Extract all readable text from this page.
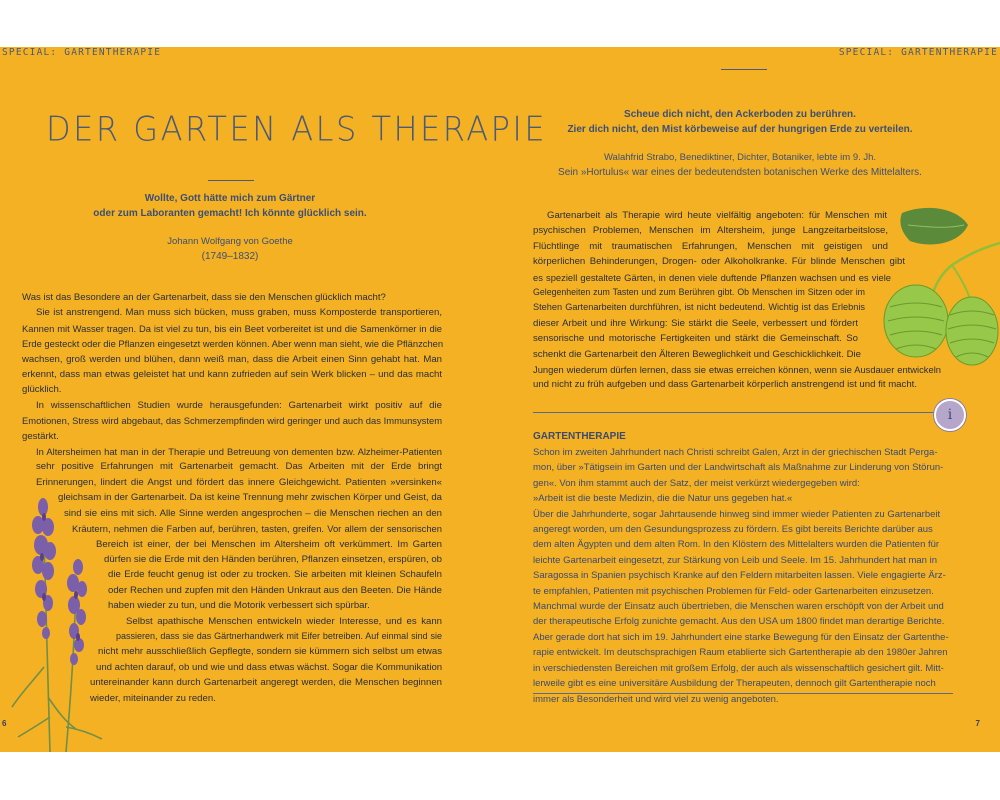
SPECIAL: GARTENTHERAPIE	SPECIAL: GARTENTHERAPIE
DER GARTEN ALS THERAPIE
Wollte, Gott hätte mich zum Gärtner
oder zum Laboranten gemacht! Ich könnte glücklich sein.
Johann Wolfgang von Goethe
(1749–1832)

Was ist das Besondere an der Gartenarbeit, dass sie den Menschen glücklich macht?

Sie ist anstrengend. Man muss sich bücken, muss graben, muss Komposterde transportieren,

Kannen mit Wasser tragen. Da ist viel zu tun, bis ein Beet vorbereitet ist und die Samenkörner in die

Erde gesteckt oder die Pflanzen eingesetzt werden können. Aber wenn man sieht, wie die Pflänzchen

wachsen, groß werden und blühen, dann weiß man, dass die Arbeit einen Sinn gehabt hat. Man

erkennt, dass man etwas geleistet hat und kann zufrieden auf sein Werk blicken – und das macht

glücklich.

In wissenschaftlichen Studien wurde herausgefunden: Gartenarbeit wirkt positiv auf die

Emotionen, Stress wird abgebaut, das Schmerzempfinden wird geringer und auch das Immunsystem

gestärkt.

In Altersheimen hat man in der Therapie und Betreuung von dementen bzw. Alzheimer-Patienten

sehr positive Erfahrungen mit Gartenarbeit gemacht. Das Arbeiten mit der Erde bringt

Erinnerungen, lindert die Angst und fördert das innere Gleichgewicht. Patienten »versinken«

gleichsam in der Gartenarbeit. Da ist keine Trennung mehr zwischen Körper und Geist, da

sind sie eins mit sich. Alle Sinne werden angesprochen – die Menschen riechen an den

Kräutern, nehmen die Farben auf, berühren, tasten, greifen. Vor allem der sensorischen

Bereich ist einer, der bei Menschen im Altersheim oft verkümmert. Im Garten

dürfen sie die Erde mit den Händen berühren, Pflanzen einsetzen, erspüren, ob

die Erde feucht genug ist oder zu trocken. Sie arbeiten mit kleinen Schaufeln

oder Rechen und zupfen mit den Händen Unkraut aus den Beeten. Die Hände

haben wieder zu tun, und die Motorik verbessert sich spürbar.

Selbst apathische Menschen entwickeln wieder Interesse, und es kann

passieren, dass sie das Gärtnerhandwerk mit Eifer betreiben. Auf einmal sind sie

nicht mehr ausschließlich Gepflegte, sondern sie kümmern sich selbst um etwas

und achten darauf, ob und wie und dass etwas wächst. Sogar die Kommunikation

untereinander kann durch Gartenarbeit angeregt werden, die Menschen beginnen

wieder, miteinander zu reden.

6
Scheue dich nicht, den Ackerboden zu berühren.
Zier dich nicht, den Mist körbeweise auf der hungrigen Erde zu verteilen.
Walahfrid Strabo, Benediktiner, Dichter, Botaniker, lebte im 9. Jh.
Sein »Hortulus« war eines der bedeutendsten botanischen Werke des Mittelalters.

Gartenarbeit als Therapie wird heute vielfältig angeboten: für Menschen mit

psychischen Problemen, Menschen im Altersheim, junge Langzeitarbeitslose,

Flüchtlinge mit traumatischen Erfahrungen, Menschen mit geistigen und

körperlichen Behinderungen, Drogen- oder Alkoholkranke. Für blinde Menschen gibt

es speziell gestaltete Gärten, in denen viele duftende Pflanzen wachsen und es viele

Gelegenheiten zum Tasten und zum Berühren gibt. Ob Menschen im Sitzen oder im

Stehen Gartenarbeiten durchführen, ist nicht bedeutend. Wichtig ist das Erlebnis

dieser Arbeit und ihre Wirkung: Sie stärkt die Seele, verbessert und fördert

sensorische und motorische Fertigkeiten und stärkt die Gemeinschaft. So

schenkt die Gartenarbeit den Älteren Beweglichkeit und Geschicklichkeit. Die

Jungen wiederum dürfen lernen, dass sie etwas erreichen können, wenn sie Ausdauer entwickeln

und nicht zu früh aufgeben und dass Gartenarbeit körperlich anstrengend ist und fit macht.

i
GARTENTHERAPIE

Schon im zweiten Jahrhundert nach Christi schreibt Galen, Arzt in der griechischen Stadt Perga-

mon, über »Tätigsein im Garten und der Landwirtschaft als Maßnahme zur Linderung von Störun-

gen«. Von ihm stammt auch der Satz, der meist verkürzt wiedergegeben wird:

»Arbeit ist die beste Medizin, die die Natur uns gegeben hat.«

Über die Jahrhunderte, sogar Jahrtausende hinweg sind immer wieder Patienten zu Gartenarbeit

angeregt worden, um den Gesundungsprozess zu fördern. Es gibt bereits Berichte darüber aus

dem alten Ägypten und dem alten Rom. In den Klöstern des Mittelalters wurden die Patienten für

leichte Gartenarbeit eingesetzt, zur Stärkung von Leib und Seele. Im 15. Jahrhundert hat man in

Saragossa in Spanien psychisch Kranke auf den Feldern mitarbeiten lassen. Viele engagierte Ärz-

te empfahlen, Patienten mit psychischen Problemen für Feld- oder Gartenarbeiten einzusetzen.

Manchmal wurde der Einsatz auch übertrieben, die Menschen waren erschöpft von der Arbeit und

der therapeutische Erfolg zunichte gemacht. Aus den USA um 1800 findet man derartige Berichte.

Aber gerade dort hat sich im 19. Jahrhundert eine starke Bewegung für den Einsatz der Gartenthe-

rapie entwickelt. Im deutschsprachigen Raum etablierte sich Gartentherapie ab den 1980er Jahren

in verschiedensten Bereichen mit großem Erfolg, der auch als wissenschaftlich gesichert gilt. Mitt-

lerweile gibt es eine universitäre Ausbildung der Therapeuten, dennoch gilt Gartentherapie noch

immer als Besonderheit und wird viel zu wenig angeboten.

7
